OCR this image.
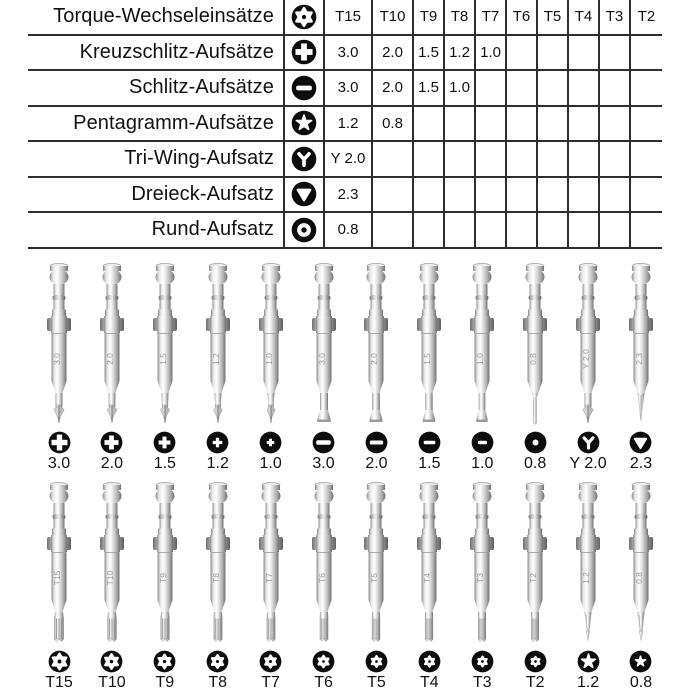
Torque-Wechseleinsätze	T15	T10 T9 T8 T7 T6 T5 T4 T3 T2
Kreuzschlitz-Aufsätze	3.0	2.0	1.5 1.2 1.0
Schlitz-Aufsätze	3.0	2.0	1.5 1.0
Pentagramm-Aufsätze	1.2	0.8
Tri-Wing-Aufsatz	Y 2.0
Dreieck-Aufsatz	2.3
Rund-Aufsatz	0.8
3.0
3.0
2.0
2.0
1.5
1.5
1.2
1.2
1.0
1.0
3.0
3.0
2.0
2.0
1.5
1.5
1.0
1.0
0.8
0.8
Y 2.0
Y 2.0
2.3
2.3
T15
T15
T10
T10
T9
T9
T8
T8
T7
T7
T6
T6
T5
T5
T4
T4
T3
T3
T2
T2
1.2
1.2
0.8
0.8
